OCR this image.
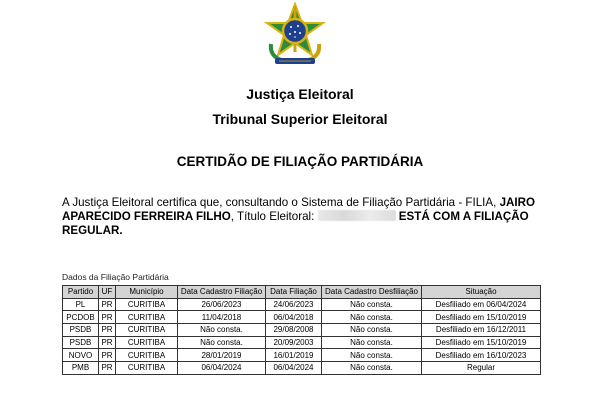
Justiça Eleitoral
Tribunal Superior Eleitoral
CERTIDÃO DE FILIAÇÃO PARTIDÁRIA
A Justiça Eleitoral certifica que, consultando o Sistema de Filiação Partidária - FILIA, JAIRO APARECIDO FERREIRA FILHO, Título Eleitoral:	ESTÁ COM A FILIAÇÃO REGULAR.
Dados da Filiação Partidária
Partido	UF	Município	Data Cadastro Filiação	Data Filiação	Data Cadastro Desfiliação	Situação
PL	PR	CURITIBA	26/06/2023	24/06/2023	Não consta.	Desfiliado em 06/04/2024
PCDOB	PR	CURITIBA	11/04/2018	06/04/2018	Não consta.	Desfiliado em 15/10/2019
PSDB	PR	CURITIBA	Não consta.	29/08/2008	Não consta.	Desfiliado em 16/12/2011
PSDB	PR	CURITIBA	Não consta.	20/09/2003	Não consta.	Desfiliado em 15/10/2019
NOVO	PR	CURITIBA	28/01/2019	16/01/2019	Não consta.	Desfiliado em 16/10/2023
PMB	PR	CURITIBA	06/04/2024	06/04/2024	Não consta.	Regular
